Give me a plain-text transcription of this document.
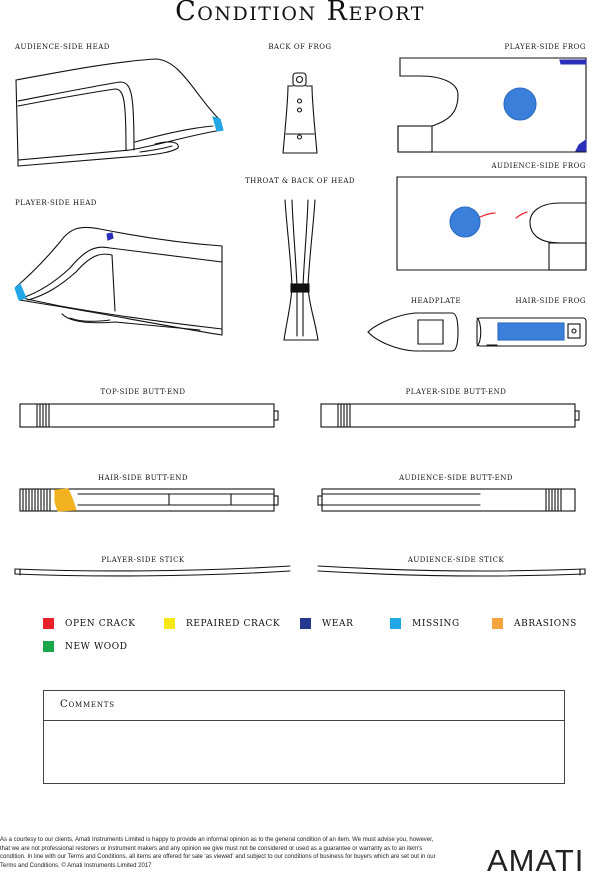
Condition Report
AUDIENCE-SIDE HEAD	BACK OF FROG	PLAYER-SIDE FROG
THROAT & BACK OF HEAD
AUDIENCE-SIDE FROG
PLAYER-SIDE HEAD
HEADPLATE	HAIR-SIDE FROG
TOP-SIDE BUTT-END	PLAYER-SIDE BUTT-END
HAIR-SIDE BUTT-END	AUDIENCE-SIDE BUTT-END
PLAYER-SIDE STICK	AUDIENCE-SIDE STICK
OPEN CRACK	REPAIRED CRACK	WEAR	MISSING	ABRASIONS
NEW WOOD
Comments
As a courtesy to our clients, Amati Instruments Limited is happy to provide an informal opinion as to the general condition of an item. We must advise you, however, that we are not professional restorers or instrument makers and any opinion we give must not be considered or used as a guarantee or warranty as to an item's condition. In line with our Terms and Conditions, all items are offered for sale 'as viewed' and subject to our conditions of business for buyers which are set out in our Terms and Conditions. © Amati Instruments Limited 2017	AMATI
